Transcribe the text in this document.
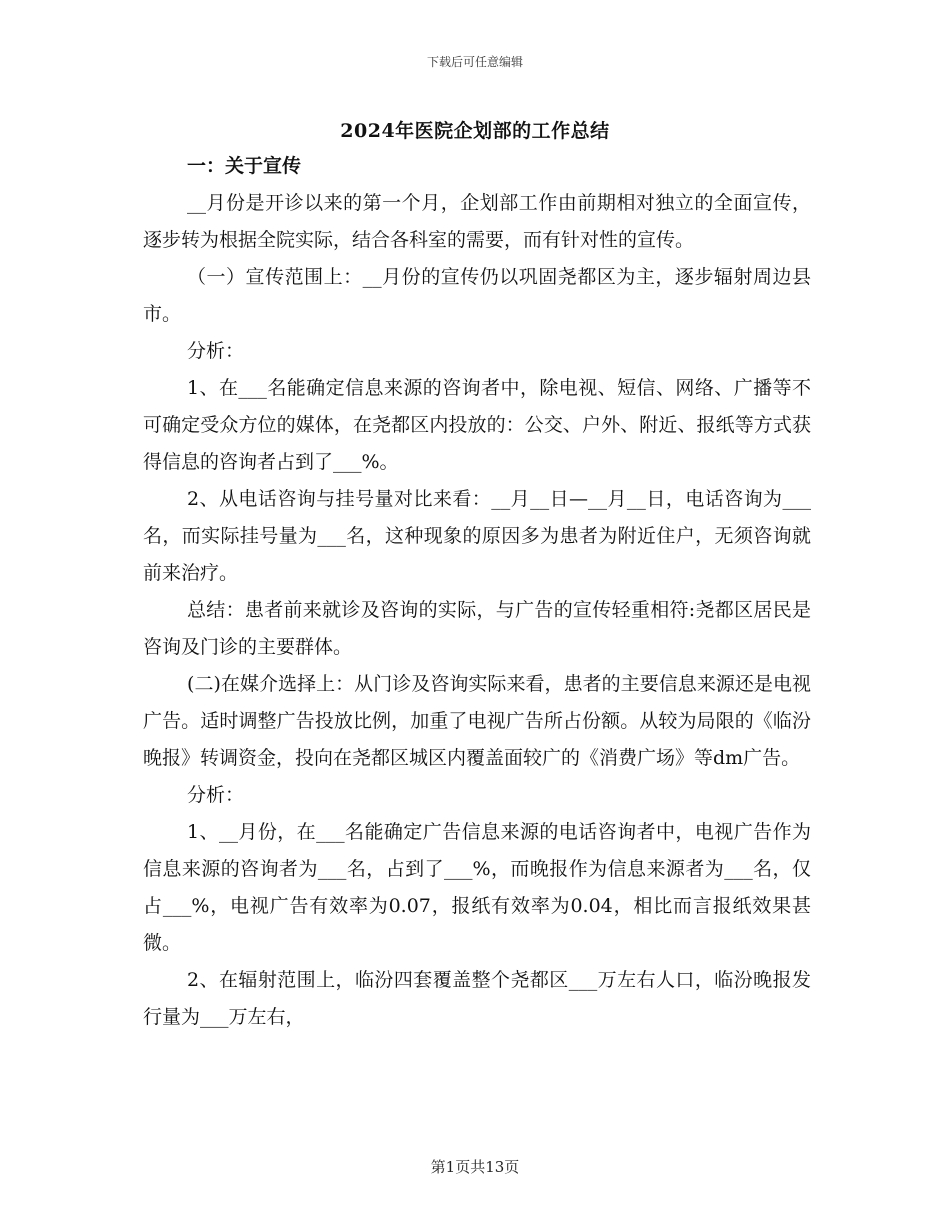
下载后可任意编辑
2024年医院企划部的工作总结

一：关于宣传

__月份是开诊以来的第一个月，企划部工作由前期相对独立的全面宣传，逐步转为根据全院实际，结合各科室的需要，而有针对性的宣传。

（一）宣传范围上：__月份的宣传仍以巩固尧都区为主，逐步辐射周边县市。

分析：

1、在___名能确定信息来源的咨询者中，除电视、短信、网络、广播等不可确定受众方位的媒体，在尧都区内投放的：公交、户外、附近、报纸等方式获得信息的咨询者占到了___%。

2、从电话咨询与挂号量对比来看：__月__日—__月__日，电话咨询为___名，而实际挂号量为___名，这种现象的原因多为患者为附近住户，无须咨询就前来治疗。

总结：患者前来就诊及咨询的实际，与广告的宣传轻重相符:尧都区居民是咨询及门诊的主要群体。

(二)在媒介选择上：从门诊及咨询实际来看，患者的主要信息来源还是电视广告。适时调整广告投放比例，加重了电视广告所占份额。从较为局限的《临汾晚报》转调资金，投向在尧都区城区内覆盖面较广的《消费广场》等dm广告。

分析：

1、__月份，在___名能确定广告信息来源的电话咨询者中，电视广告作为信息来源的咨询者为___名，占到了___%，而晚报作为信息来源者为___名，仅占___%，电视广告有效率为0.07，报纸有效率为0.04，相比而言报纸效果甚微。

2、在辐射范围上，临汾四套覆盖整个尧都区___万左右人口，临汾晚报发行量为___万左右，

第1页共13页
